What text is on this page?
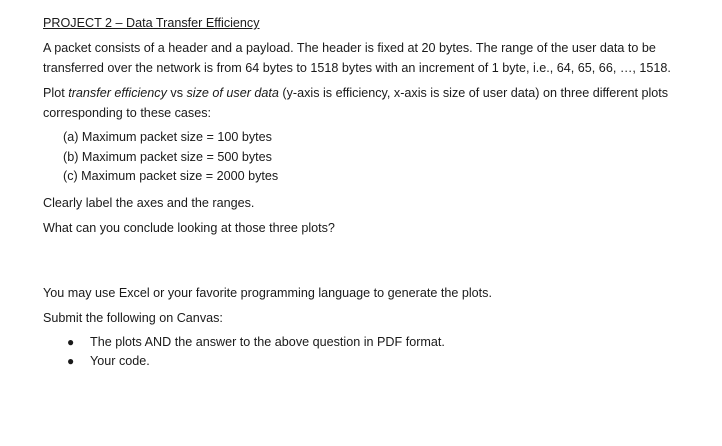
PROJECT 2 – Data Transfer Efficiency
A packet consists of a header and a payload. The header is fixed at 20 bytes. The range of the user data to be transferred over the network is from 64 bytes to 1518 bytes with an increment of 1 byte, i.e., 64, 65, 66, …, 1518.
Plot transfer efficiency vs size of user data (y-axis is efficiency, x-axis is size of user data) on three different plots corresponding to these cases:
(a) Maximum packet size = 100 bytes
(b) Maximum packet size = 500 bytes
(c) Maximum packet size = 2000 bytes
Clearly label the axes and the ranges.
What can you conclude looking at those three plots?
You may use Excel or your favorite programming language to generate the plots.
Submit the following on Canvas:
● The plots AND the answer to the above question in PDF format.
● Your code.
